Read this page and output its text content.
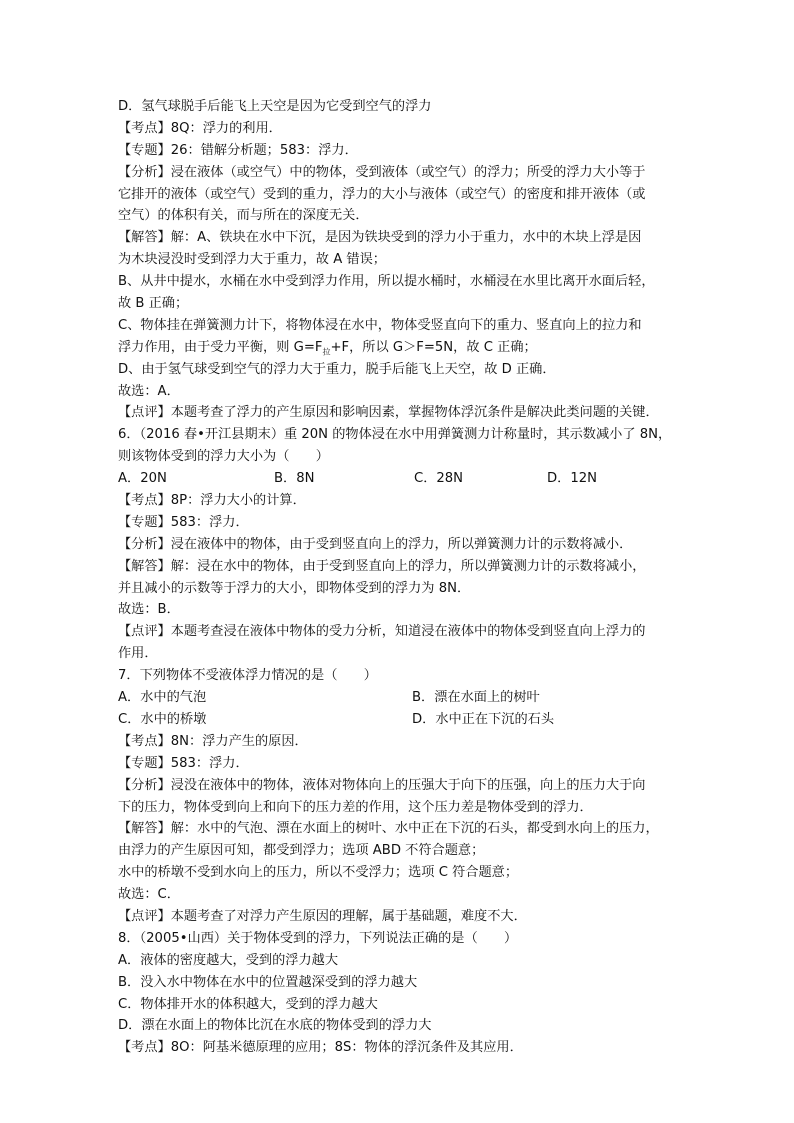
D．氢气球脱手后能飞上天空是因为它受到空气的浮力
【考点】8Q：浮力的利用．
【专题】26：错解分析题；583：浮力．
【分析】浸在液体（或空气）中的物体，受到液体（或空气）的浮力；所受的浮力大小等于
它排开的液体（或空气）受到的重力，浮力的大小与液体（或空气）的密度和排开液体（或
空气）的体积有关，而与所在的深度无关．
【解答】解：A、铁块在水中下沉，是因为铁块受到的浮力小于重力，水中的木块上浮是因
为木块浸没时受到浮力大于重力，故 A 错误；
B、从井中提水，水桶在水中受到浮力作用，所以提水桶时，水桶浸在水里比离开水面后轻，
故 B 正确；
C、物体挂在弹簧测力计下，将物体浸在水中，物体受竖直向下的重力、竖直向上的拉力和
浮力作用，由于受力平衡，则 $G=F_拉+F$，所以 G＞F=5N，故 C 正确；
D、由于氢气球受到空气的浮力大于重力，脱手后能飞上天空，故 D 正确．
故选：A．
【点评】本题考查了浮力的产生原因和影响因素，掌握物体浮沉条件是解决此类问题的关键．
6．（2016 春•开江县期末）重 20N 的物体浸在水中用弹簧测力计称量时，其示数减小了 8N，
则该物体受到的浮力大小为（　　）
A．20N	B．8N	C．28N	D．12N
【考点】8P：浮力大小的计算．
【专题】583：浮力．
【分析】浸在液体中的物体，由于受到竖直向上的浮力，所以弹簧测力计的示数将减小．
【解答】解：浸在水中的物体，由于受到竖直向上的浮力，所以弹簧测力计的示数将减小，
并且减小的示数等于浮力的大小，即物体受到的浮力为 8N．
故选：B．
【点评】本题考查浸在液体中物体的受力分析，知道浸在液体中的物体受到竖直向上浮力的
作用．
7．下列物体不受液体浮力情况的是（　　）
A．水中的气泡	B．漂在水面上的树叶
C．水中的桥墩	D．水中正在下沉的石头
【考点】8N：浮力产生的原因．
【专题】583：浮力．
【分析】浸没在液体中的物体，液体对物体向上的压强大于向下的压强，向上的压力大于向
下的压力，物体受到向上和向下的压力差的作用，这个压力差是物体受到的浮力．
【解答】解：水中的气泡、漂在水面上的树叶、水中正在下沉的石头，都受到水向上的压力，
由浮力的产生原因可知，都受到浮力；选项 ABD 不符合题意；
水中的桥墩不受到水向上的压力，所以不受浮力；选项 C 符合题意；
故选：C．
【点评】本题考查了对浮力产生原因的理解，属于基础题，难度不大．
8．（2005•山西）关于物体受到的浮力，下列说法正确的是（　　）
A．液体的密度越大，受到的浮力越大
B．没入水中物体在水中的位置越深受到的浮力越大
C．物体排开水的体积越大，受到的浮力越大
D．漂在水面上的物体比沉在水底的物体受到的浮力大
【考点】8O：阿基米德原理的应用；8S：物体的浮沉条件及其应用．
